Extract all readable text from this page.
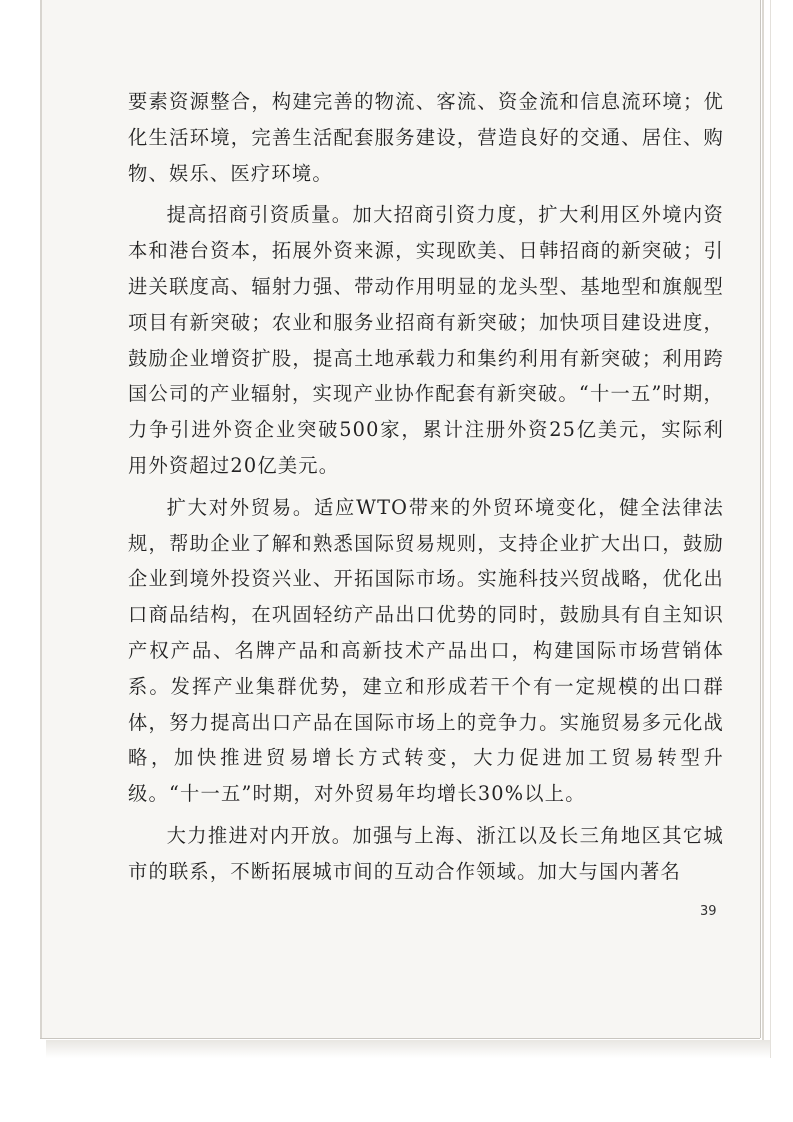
要素资源整合，构建完善的物流、客流、资金流和信息流环境；优化生活环境，完善生活配套服务建设，营造良好的交通、居住、购物、娱乐、医疗环境。

提高招商引资质量。加大招商引资力度，扩大利用区外境内资本和港台资本，拓展外资来源，实现欧美、日韩招商的新突破；引进关联度高、辐射力强、带动作用明显的龙头型、基地型和旗舰型项目有新突破；农业和服务业招商有新突破；加快项目建设进度，鼓励企业增资扩股，提高土地承载力和集约利用有新突破；利用跨国公司的产业辐射，实现产业协作配套有新突破。“十一五”时期，力争引进外资企业突破500家，累计注册外资25亿美元，实际利用外资超过20亿美元。

扩大对外贸易。适应WTO带来的外贸环境变化，健全法律法规，帮助企业了解和熟悉国际贸易规则，支持企业扩大出口，鼓励企业到境外投资兴业、开拓国际市场。实施科技兴贸战略，优化出口商品结构，在巩固轻纺产品出口优势的同时，鼓励具有自主知识产权产品、名牌产品和高新技术产品出口，构建国际市场营销体系。发挥产业集群优势，建立和形成若干个有一定规模的出口群体，努力提高出口产品在国际市场上的竞争力。实施贸易多元化战略，加快推进贸易增长方式转变，大力促进加工贸易转型升级。“十一五”时期，对外贸易年均增长30%以上。

大力推进对内开放。加强与上海、浙江以及长三角地区其它城市的联系，不断拓展城市间的互动合作领域。加大与国内著名

39
